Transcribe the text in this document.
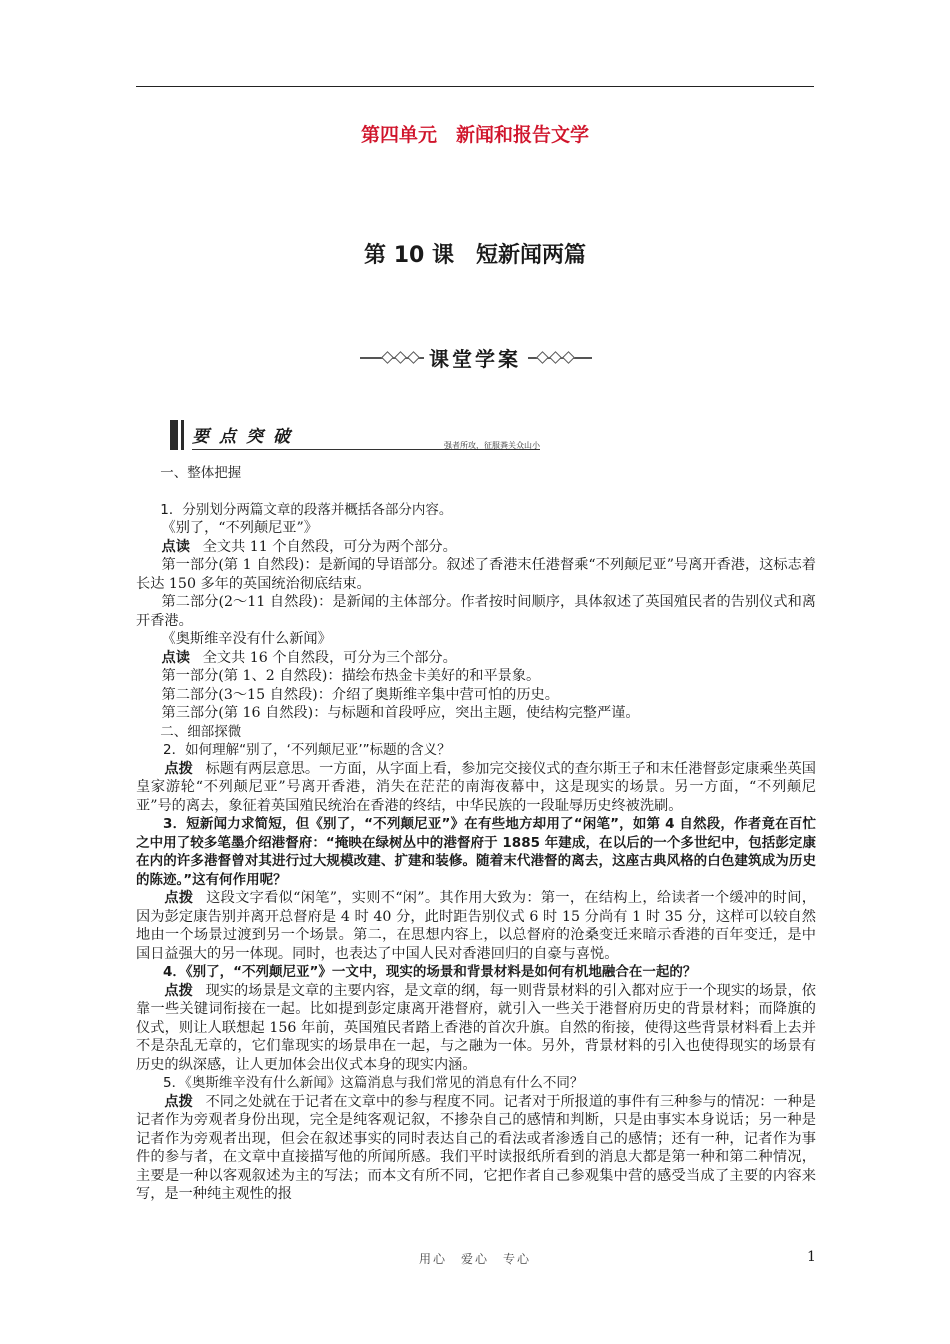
第四单元　新闻和报告文学
第 10 课　短新闻两篇
课堂学案
要点突破	强者所攻，征服粪关众山小

一、整体把握

1．分别划分两篇文章的段落并概括各部分内容。

《别了，“不列颠尼亚”》

点读 全文共 11 个自然段，可分为两个部分。

第一部分(第 1 自然段)：是新闻的导语部分。叙述了香港末任港督乘“不列颠尼亚”号离开香港，这标志着长达 150 多年的英国统治彻底结束。

第二部分(2～11 自然段)：是新闻的主体部分。作者按时间顺序，具体叙述了英国殖民者的告别仪式和离开香港。

《奥斯维辛没有什么新闻》

点读 全文共 16 个自然段，可分为三个部分。

第一部分(第 1、2 自然段)：描绘布热金卡美好的和平景象。

第二部分(3～15 自然段)：介绍了奥斯维辛集中营可怕的历史。

第三部分(第 16 自然段)：与标题和首段呼应，突出主题，使结构完整严谨。

二、细部探微

2．如何理解“别了，‘不列颠尼亚’”标题的含义？

点拨 标题有两层意思。一方面，从字面上看，参加完交接仪式的查尔斯王子和末任港督彭定康乘坐英国皇家游轮“不列颠尼亚”号离开香港，消失在茫茫的南海夜幕中，这是现实的场景。另一方面，“不列颠尼亚”号的离去，象征着英国殖民统治在香港的终结，中华民族的一段耻辱历史终被洗刷。

3．短新闻力求简短，但《别了，“不列颠尼亚”》在有些地方却用了“闲笔”，如第 4 自然段，作者竟在百忙之中用了较多笔墨介绍港督府：“掩映在绿树丛中的港督府于 1885 年建成，在以后的一个多世纪中，包括彭定康在内的许多港督曾对其进行过大规模改建、扩建和装修。随着末代港督的离去，这座古典风格的白色建筑成为历史的陈迹。”这有何作用呢？

点拨 这段文字看似“闲笔”，实则不“闲”。其作用大致为：第一，在结构上，给读者一个缓冲的时间，因为彭定康告别并离开总督府是 4 时 40 分，此时距告别仪式 6 时 15 分尚有 1 时 35 分，这样可以较自然地由一个场景过渡到另一个场景。第二，在思想内容上，以总督府的沧桑变迁来暗示香港的百年变迁，是中国日益强大的另一体现。同时，也表达了中国人民对香港回归的自豪与喜悦。

4．《别了，“不列颠尼亚”》一文中，现实的场景和背景材料是如何有机地融合在一起的？

点拨 现实的场景是文章的主要内容，是文章的纲，每一则背景材料的引入都对应于一个现实的场景，依靠一些关键词衔接在一起。比如提到彭定康离开港督府，就引入一些关于港督府历史的背景材料；而降旗的仪式，则让人联想起 156 年前，英国殖民者踏上香港的首次升旗。自然的衔接，使得这些背景材料看上去并不是杂乱无章的，它们靠现实的场景串在一起，与之融为一体。另外，背景材料的引入也使得现实的场景有历史的纵深感，让人更加体会出仪式本身的现实内涵。

5．《奥斯维辛没有什么新闻》这篇消息与我们常见的消息有什么不同？

点拨 不同之处就在于记者在文章中的参与程度不同。记者对于所报道的事件有三种参与的情况：一种是记者作为旁观者身份出现，完全是纯客观记叙，不掺杂自己的感情和判断，只是由事实本身说话；另一种是记者作为旁观者出现，但会在叙述事实的同时表达自己的看法或者渗透自己的感情；还有一种，记者作为事件的参与者，在文章中直接描写他的所闻所感。我们平时读报纸所看到的消息大都是第一种和第二种情况，主要是一种以客观叙述为主的写法；而本文有所不同，它把作者自己参观集中营的感受当成了主要的内容来写，是一种纯主观性的报

用心　爱心　专心	1
